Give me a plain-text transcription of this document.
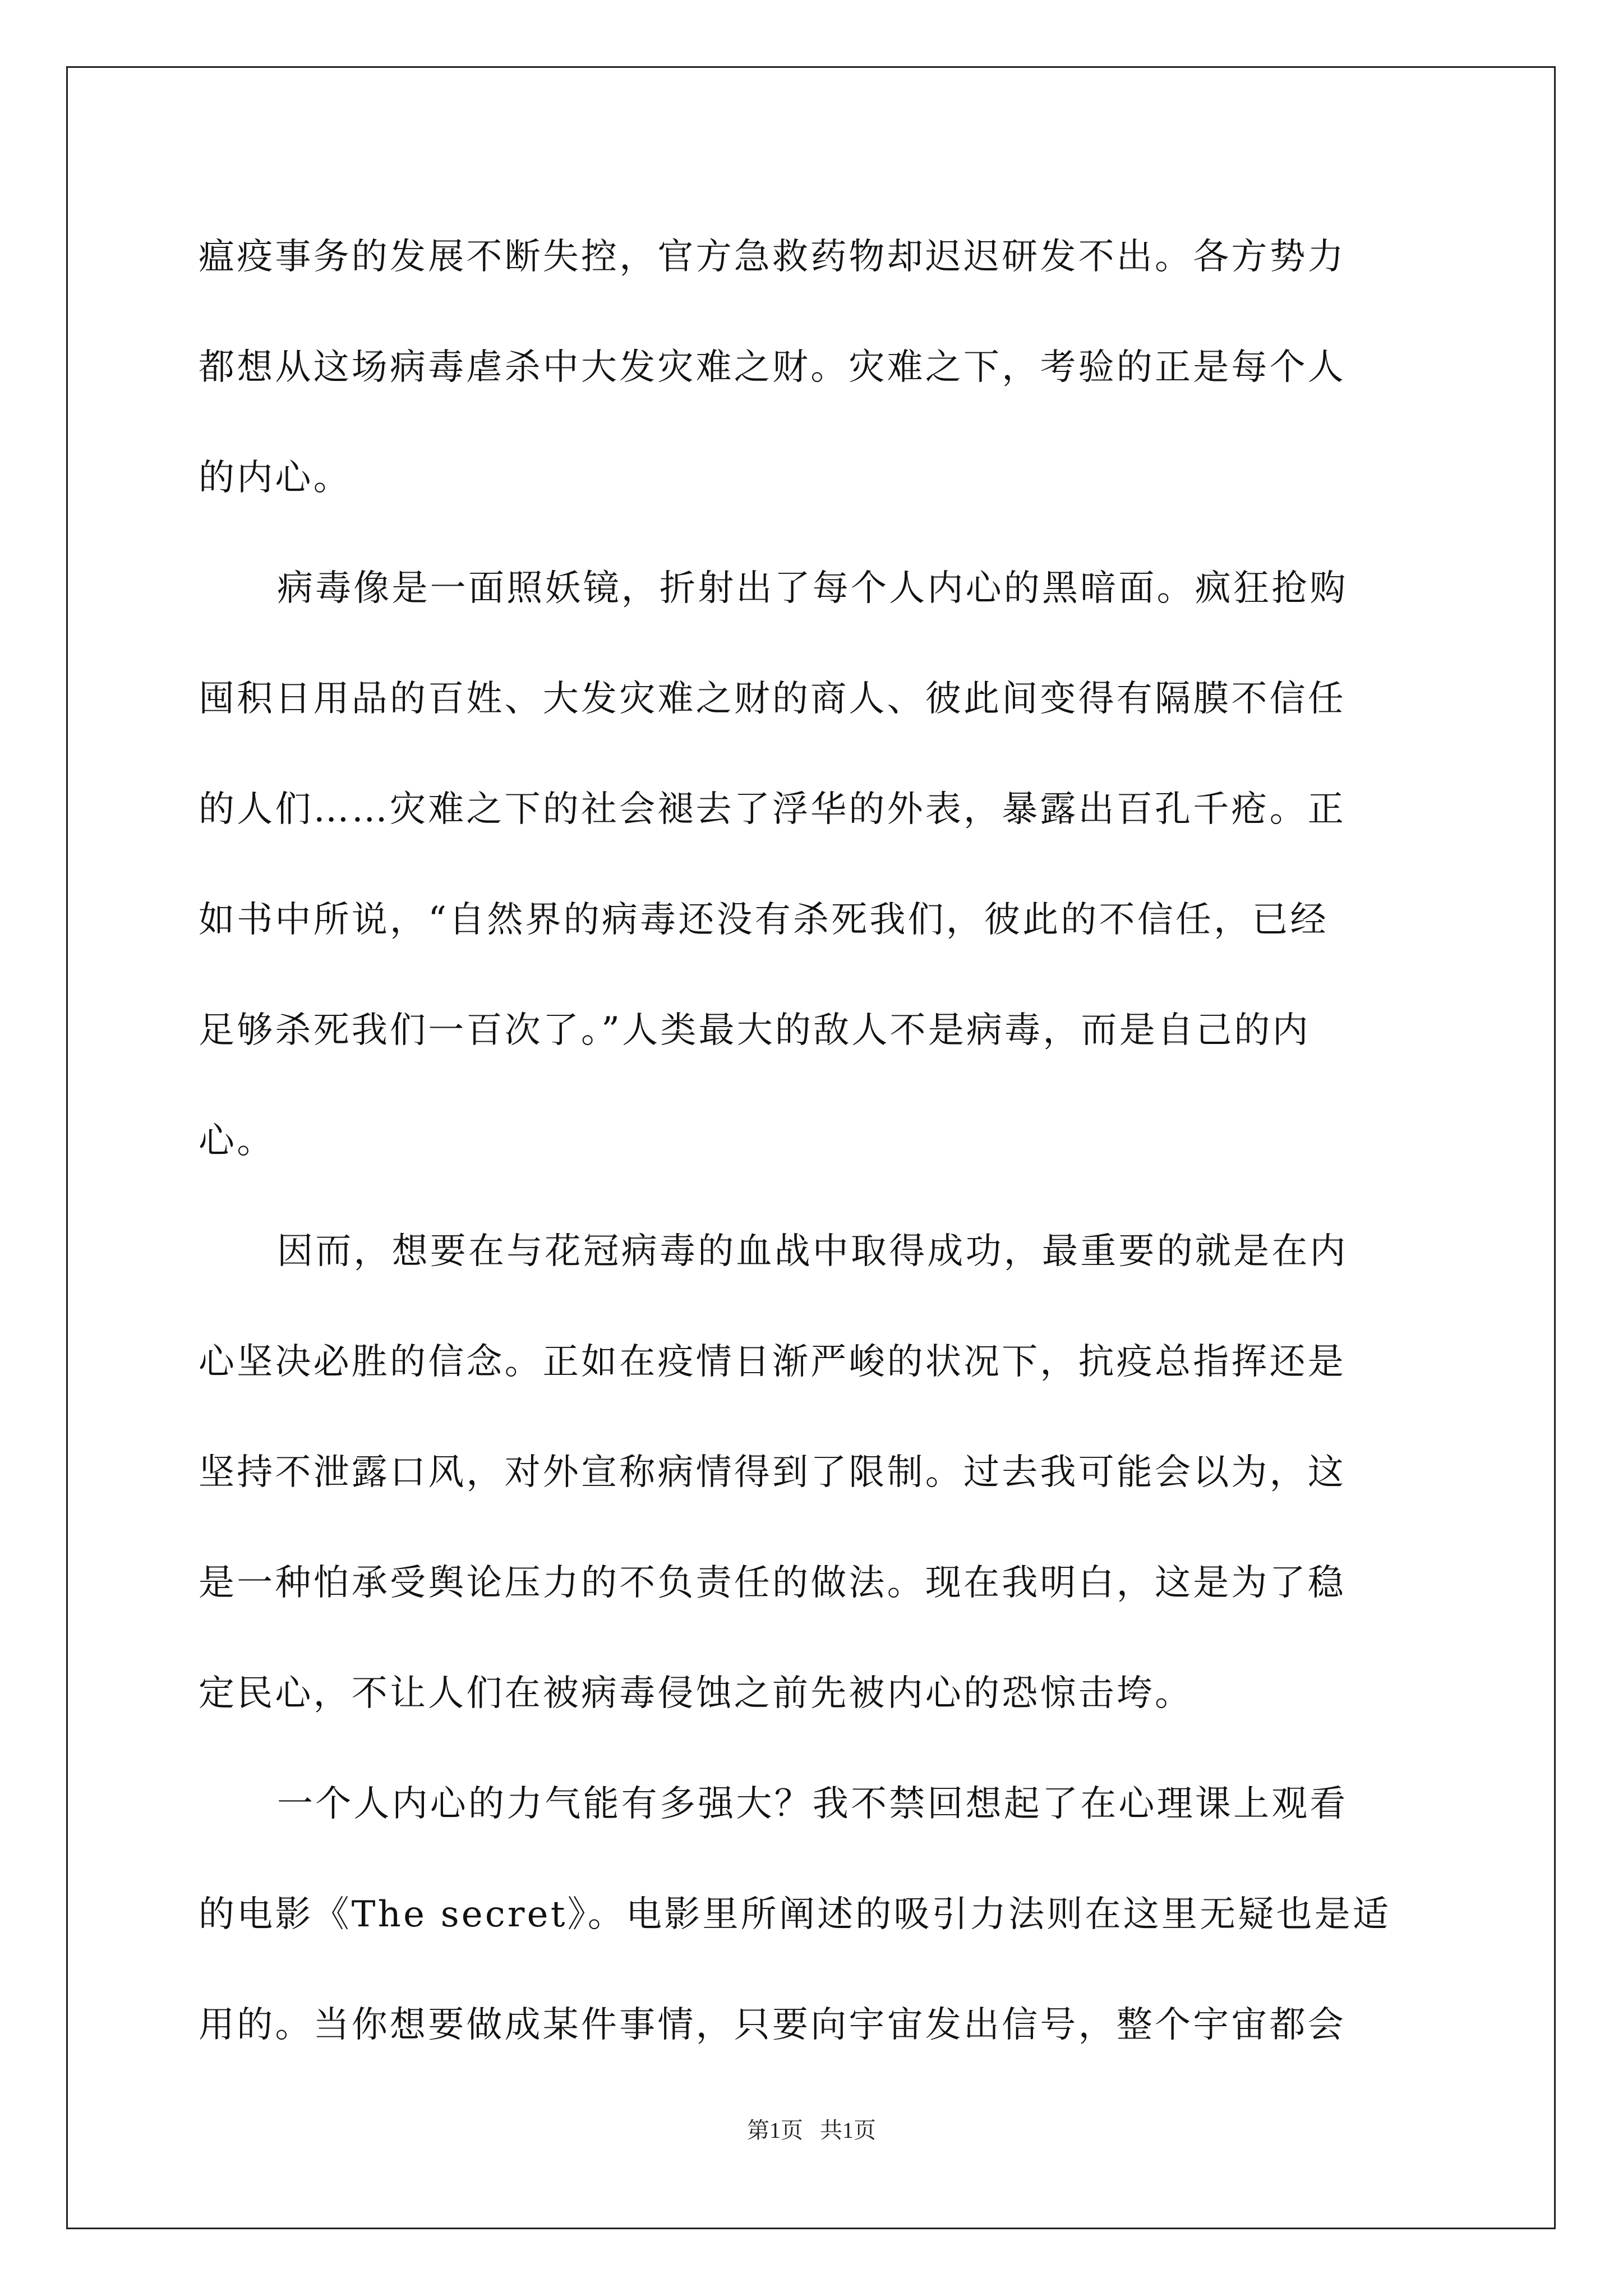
瘟疫事务的发展不断失控，官方急救药物却迟迟研发不出。各方势力
都想从这场病毒虐杀中大发灾难之财。灾难之下，考验的正是每个人
的内心。
病毒像是一面照妖镜，折射出了每个人内心的黑暗面。疯狂抢购
囤积日用品的百姓、大发灾难之财的商人、彼此间变得有隔膜不信任
的人们……灾难之下的社会褪去了浮华的外表，暴露出百孔千疮。正
如书中所说，“自然界的病毒还没有杀死我们，彼此的不信任，已经
足够杀死我们一百次了。”人类最大的敌人不是病毒，而是自己的内
心。
因而，想要在与花冠病毒的血战中取得成功，最重要的就是在内
心坚决必胜的信念。正如在疫情日渐严峻的状况下，抗疫总指挥还是
坚持不泄露口风，对外宣称病情得到了限制。过去我可能会以为，这
是一种怕承受舆论压力的不负责任的做法。现在我明白，这是为了稳
定民心，不让人们在被病毒侵蚀之前先被内心的恐惊击垮。
一个人内心的力气能有多强大？我不禁回想起了在心理课上观看
的电影《The secret》。电影里所阐述的吸引力法则在这里无疑也是适
用的。当你想要做成某件事情，只要向宇宙发出信号，整个宇宙都会
第1页 共1页
